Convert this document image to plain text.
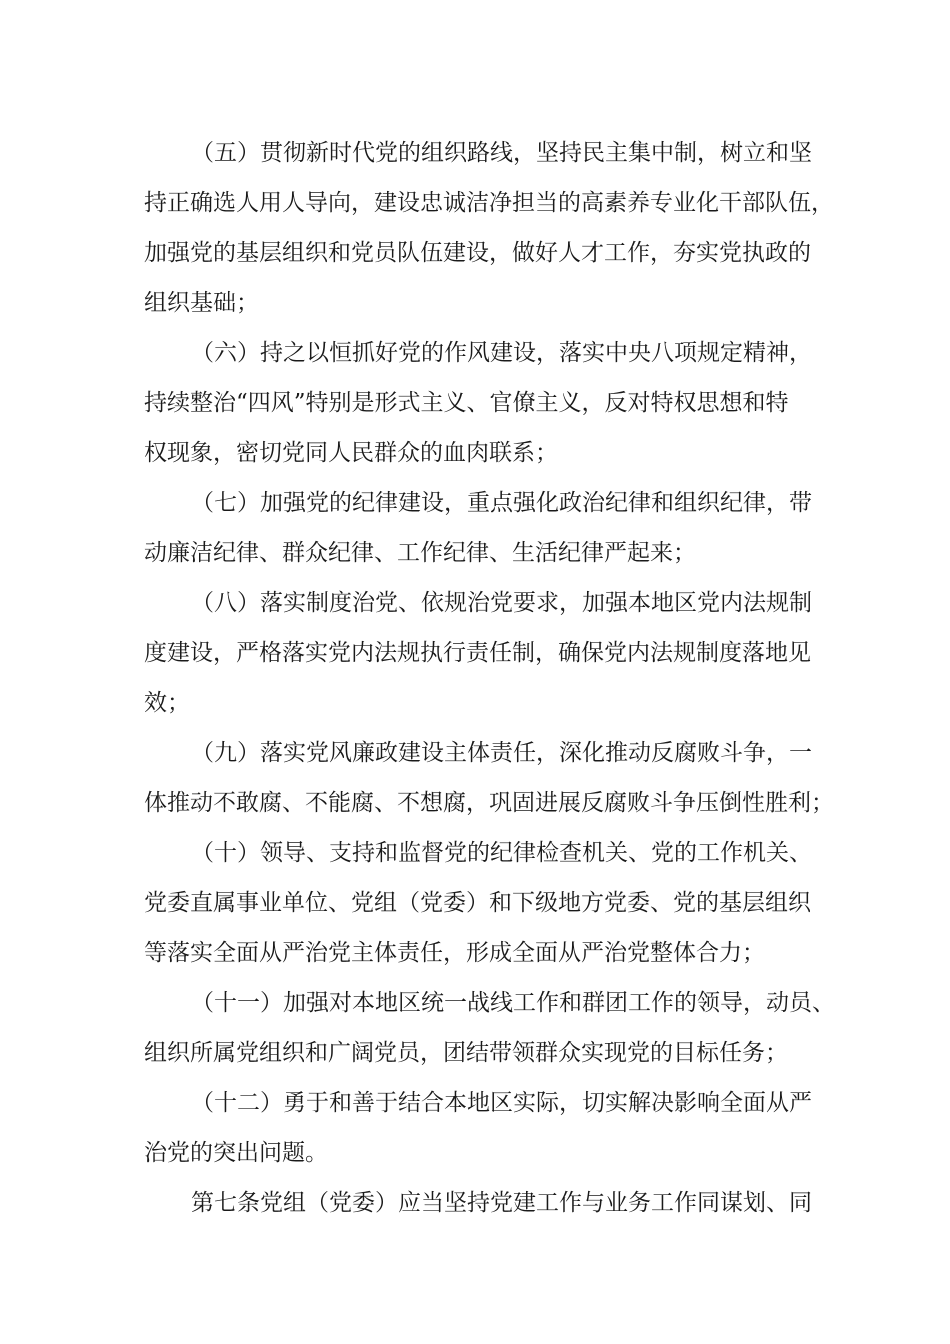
（五）贯彻新时代党的组织路线，坚持民主集中制，树立和坚
持正确选人用人导向，建设忠诚洁净担当的高素养专业化干部队伍，
加强党的基层组织和党员队伍建设，做好人才工作，夯实党执政的
组织基础；
（六）持之以恒抓好党的作风建设，落实中央八项规定精神，
持续整治“四风”特别是形式主义、官僚主义，反对特权思想和特
权现象，密切党同人民群众的血肉联系；
（七）加强党的纪律建设，重点强化政治纪律和组织纪律，带
动廉洁纪律、群众纪律、工作纪律、生活纪律严起来；
（八）落实制度治党、依规治党要求，加强本地区党内法规制
度建设，严格落实党内法规执行责任制，确保党内法规制度落地见
效；
（九）落实党风廉政建设主体责任，深化推动反腐败斗争，一
体推动不敢腐、不能腐、不想腐，巩固进展反腐败斗争压倒性胜利；
（十）领导、支持和监督党的纪律检查机关、党的工作机关、
党委直属事业单位、党组（党委）和下级地方党委、党的基层组织
等落实全面从严治党主体责任，形成全面从严治党整体合力；
（十一）加强对本地区统一战线工作和群团工作的领导，动员、
组织所属党组织和广阔党员，团结带领群众实现党的目标任务；
（十二）勇于和善于结合本地区实际，切实解决影响全面从严
治党的突出问题。
第七条党组（党委）应当坚持党建工作与业务工作同谋划、同
